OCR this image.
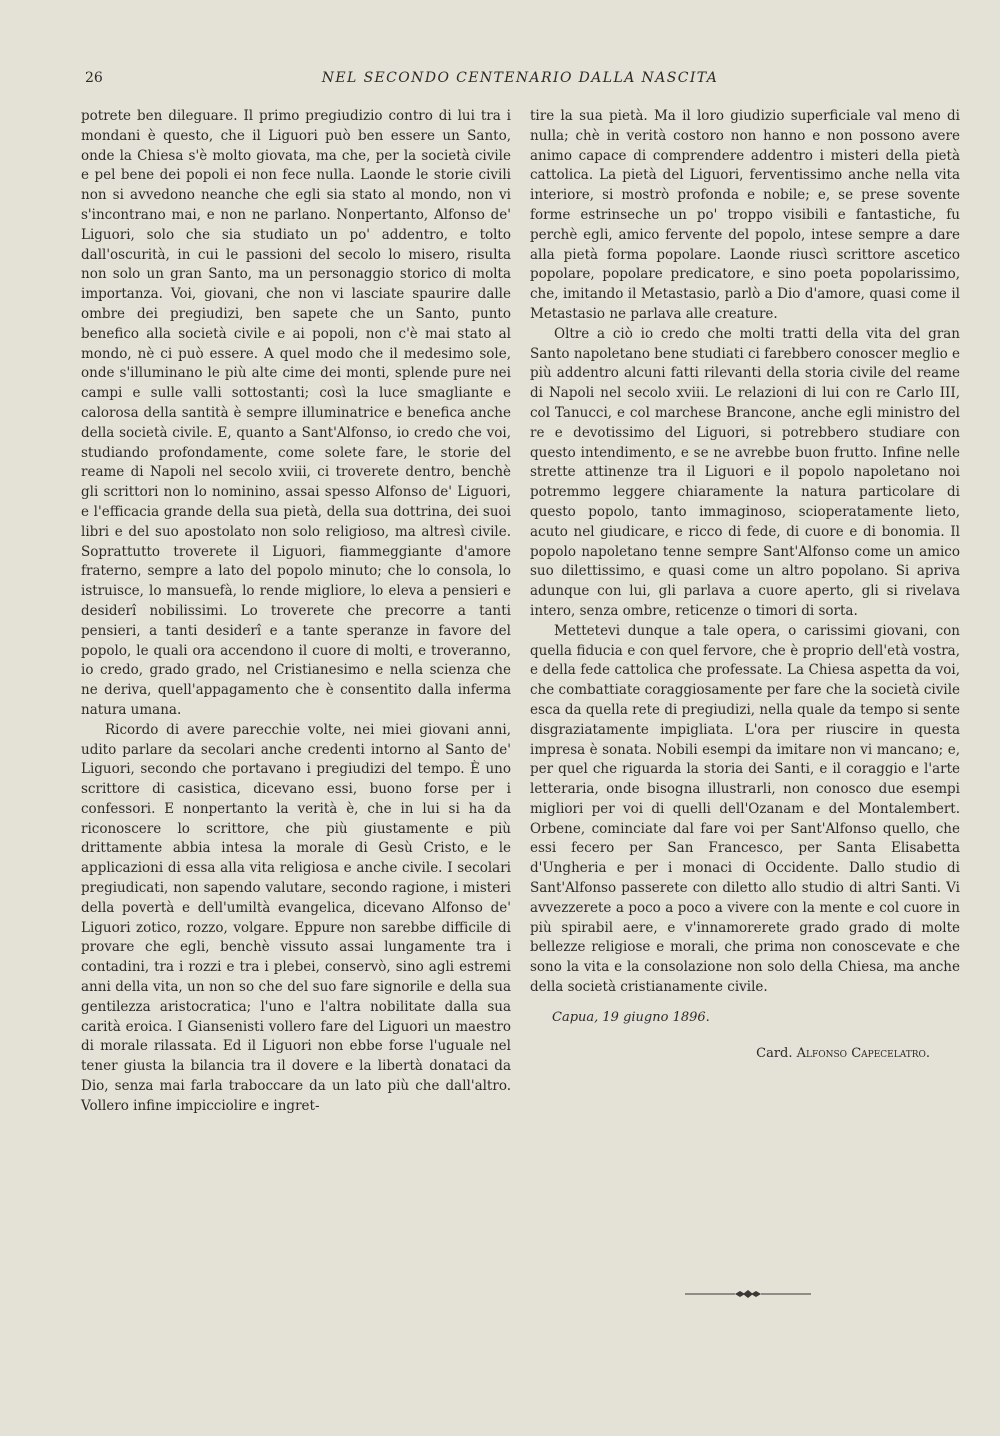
26	NEL SECONDO CENTENARIO DALLA NASCITA

potrete ben dileguare. Il primo pregiudizio contro di lui tra i mondani è questo, che il Liguori può ben essere un Santo, onde la Chiesa s'è molto giovata, ma che, per la società civile e pel bene dei popoli ei non fece nulla. Laonde le storie civili non si avvedono neanche che egli sia stato al mondo, non vi s'incontrano mai, e non ne parlano. Nonpertanto, Alfonso de' Liguori, solo che sia studiato un po' addentro, e tolto dall'oscurità, in cui le passioni del secolo lo misero, risulta non solo un gran Santo, ma un personaggio storico di molta importanza. Voi, giovani, che non vi lasciate spaurire dalle ombre dei pregiudizi, ben sapete che un Santo, punto benefico alla società civile e ai popoli, non c'è mai stato al mondo, nè ci può essere. A quel modo che il medesimo sole, onde s'illuminano le più alte cime dei monti, splende pure nei campi e sulle valli sottostanti; così la luce smagliante e calorosa della santità è sempre illuminatrice e benefica anche della società civile. E, quanto a Sant'Alfonso, io credo che voi, studiando profondamente, come solete fare, le storie del reame di Napoli nel secolo xviii, ci troverete dentro, benchè gli scrittori non lo nominino, assai spesso Alfonso de' Liguori, e l'efficacia grande della sua pietà, della sua dottrina, dei suoi libri e del suo apostolato non solo religioso, ma altresì civile. Soprattutto troverete il Liguori, fiammeggiante d'amore fraterno, sempre a lato del popolo minuto; che lo consola, lo istruisce, lo mansuefà, lo rende migliore, lo eleva a pensieri e desiderî nobilissimi. Lo troverete che precorre a tanti pensieri, a tanti desiderî e a tante speranze in favore del popolo, le quali ora accendono il cuore di molti, e troveranno, io credo, grado grado, nel Cristianesimo e nella scienza che ne deriva, quell'appagamento che è consentito dalla inferma natura umana.

Ricordo di avere parecchie volte, nei miei giovani anni, udito parlare da secolari anche credenti intorno al Santo de' Liguori, secondo che portavano i pregiudizi del tempo. È uno scrittore di casistica, dicevano essi, buono forse per i confessori. E nonpertanto la verità è, che in lui si ha da riconoscere lo scrittore, che più giustamente e più drittamente abbia intesa la morale di Gesù Cristo, e le applicazioni di essa alla vita religiosa e anche civile. I secolari pregiudicati, non sapendo valutare, secondo ragione, i misteri della povertà e dell'umiltà evangelica, dicevano Alfonso de' Liguori zotico, rozzo, volgare. Eppure non sarebbe difficile di provare che egli, benchè vissuto assai lungamente tra i contadini, tra i rozzi e tra i plebei, conservò, sino agli estremi anni della vita, un non so che del suo fare signorile e della sua gentilezza aristocratica; l'uno e l'altra nobilitate dalla sua carità eroica. I Giansenisti vollero fare del Liguori un maestro di morale rilassata. Ed il Liguori non ebbe forse l'uguale nel tener giusta la bilancia tra il dovere e la libertà donataci da Dio, senza mai farla traboccare da un lato più che dall'altro. Vollero infine impicciolire e ingret-

tire la sua pietà. Ma il loro giudizio superficiale val meno di nulla; chè in verità costoro non hanno e non possono avere animo capace di comprendere addentro i misteri della pietà cattolica. La pietà del Liguori, ferventissimo anche nella vita interiore, si mostrò profonda e nobile; e, se prese sovente forme estrinseche un po' troppo visibili e fantastiche, fu perchè egli, amico fervente del popolo, intese sempre a dare alla pietà forma popolare. Laonde riuscì scrittore ascetico popolare, popolare predicatore, e sino poeta popolarissimo, che, imitando il Metastasio, parlò a Dio d'amore, quasi come il Metastasio ne parlava alle creature.

Oltre a ciò io credo che molti tratti della vita del gran Santo napoletano bene studiati ci farebbero conoscer meglio e più addentro alcuni fatti rilevanti della storia civile del reame di Napoli nel secolo xviii. Le relazioni di lui con re Carlo III, col Tanucci, e col marchese Brancone, anche egli ministro del re e devotissimo del Liguori, si potrebbero studiare con questo intendimento, e se ne avrebbe buon frutto. Infine nelle strette attinenze tra il Liguori e il popolo napoletano noi potremmo leggere chiaramente la natura particolare di questo popolo, tanto immaginoso, scioperatamente lieto, acuto nel giudicare, e ricco di fede, di cuore e di bonomia. Il popolo napoletano tenne sempre Sant'Alfonso come un amico suo dilettissimo, e quasi come un altro popolano. Si apriva adunque con lui, gli parlava a cuore aperto, gli si rivelava intero, senza ombre, reticenze o timori di sorta.

Mettetevi dunque a tale opera, o carissimi giovani, con quella fiducia e con quel fervore, che è proprio dell'età vostra, e della fede cattolica che professate. La Chiesa aspetta da voi, che combattiate coraggiosamente per fare che la società civile esca da quella rete di pregiudizi, nella quale da tempo si sente disgraziatamente impigliata. L'ora per riuscire in questa impresa è sonata. Nobili esempi da imitare non vi mancano; e, per quel che riguarda la storia dei Santi, e il coraggio e l'arte letteraria, onde bisogna illustrarli, non conosco due esempi migliori per voi di quelli dell'Ozanam e del Montalembert. Orbene, cominciate dal fare voi per Sant'Alfonso quello, che essi fecero per San Francesco, per Santa Elisabetta d'Ungheria e per i monaci di Occidente. Dallo studio di Sant'Alfonso passerete con diletto allo studio di altri Santi. Vi avvezzerete a poco a poco a vivere con la mente e col cuore in più spirabil aere, e v'innamorerete grado grado di molte bellezze religiose e morali, che prima non conoscevate e che sono la vita e la consolazione non solo della Chiesa, ma anche della società cristianamente civile.

Capua, 19 giugno 1896.

Card. Alfonso Capecelatro.
